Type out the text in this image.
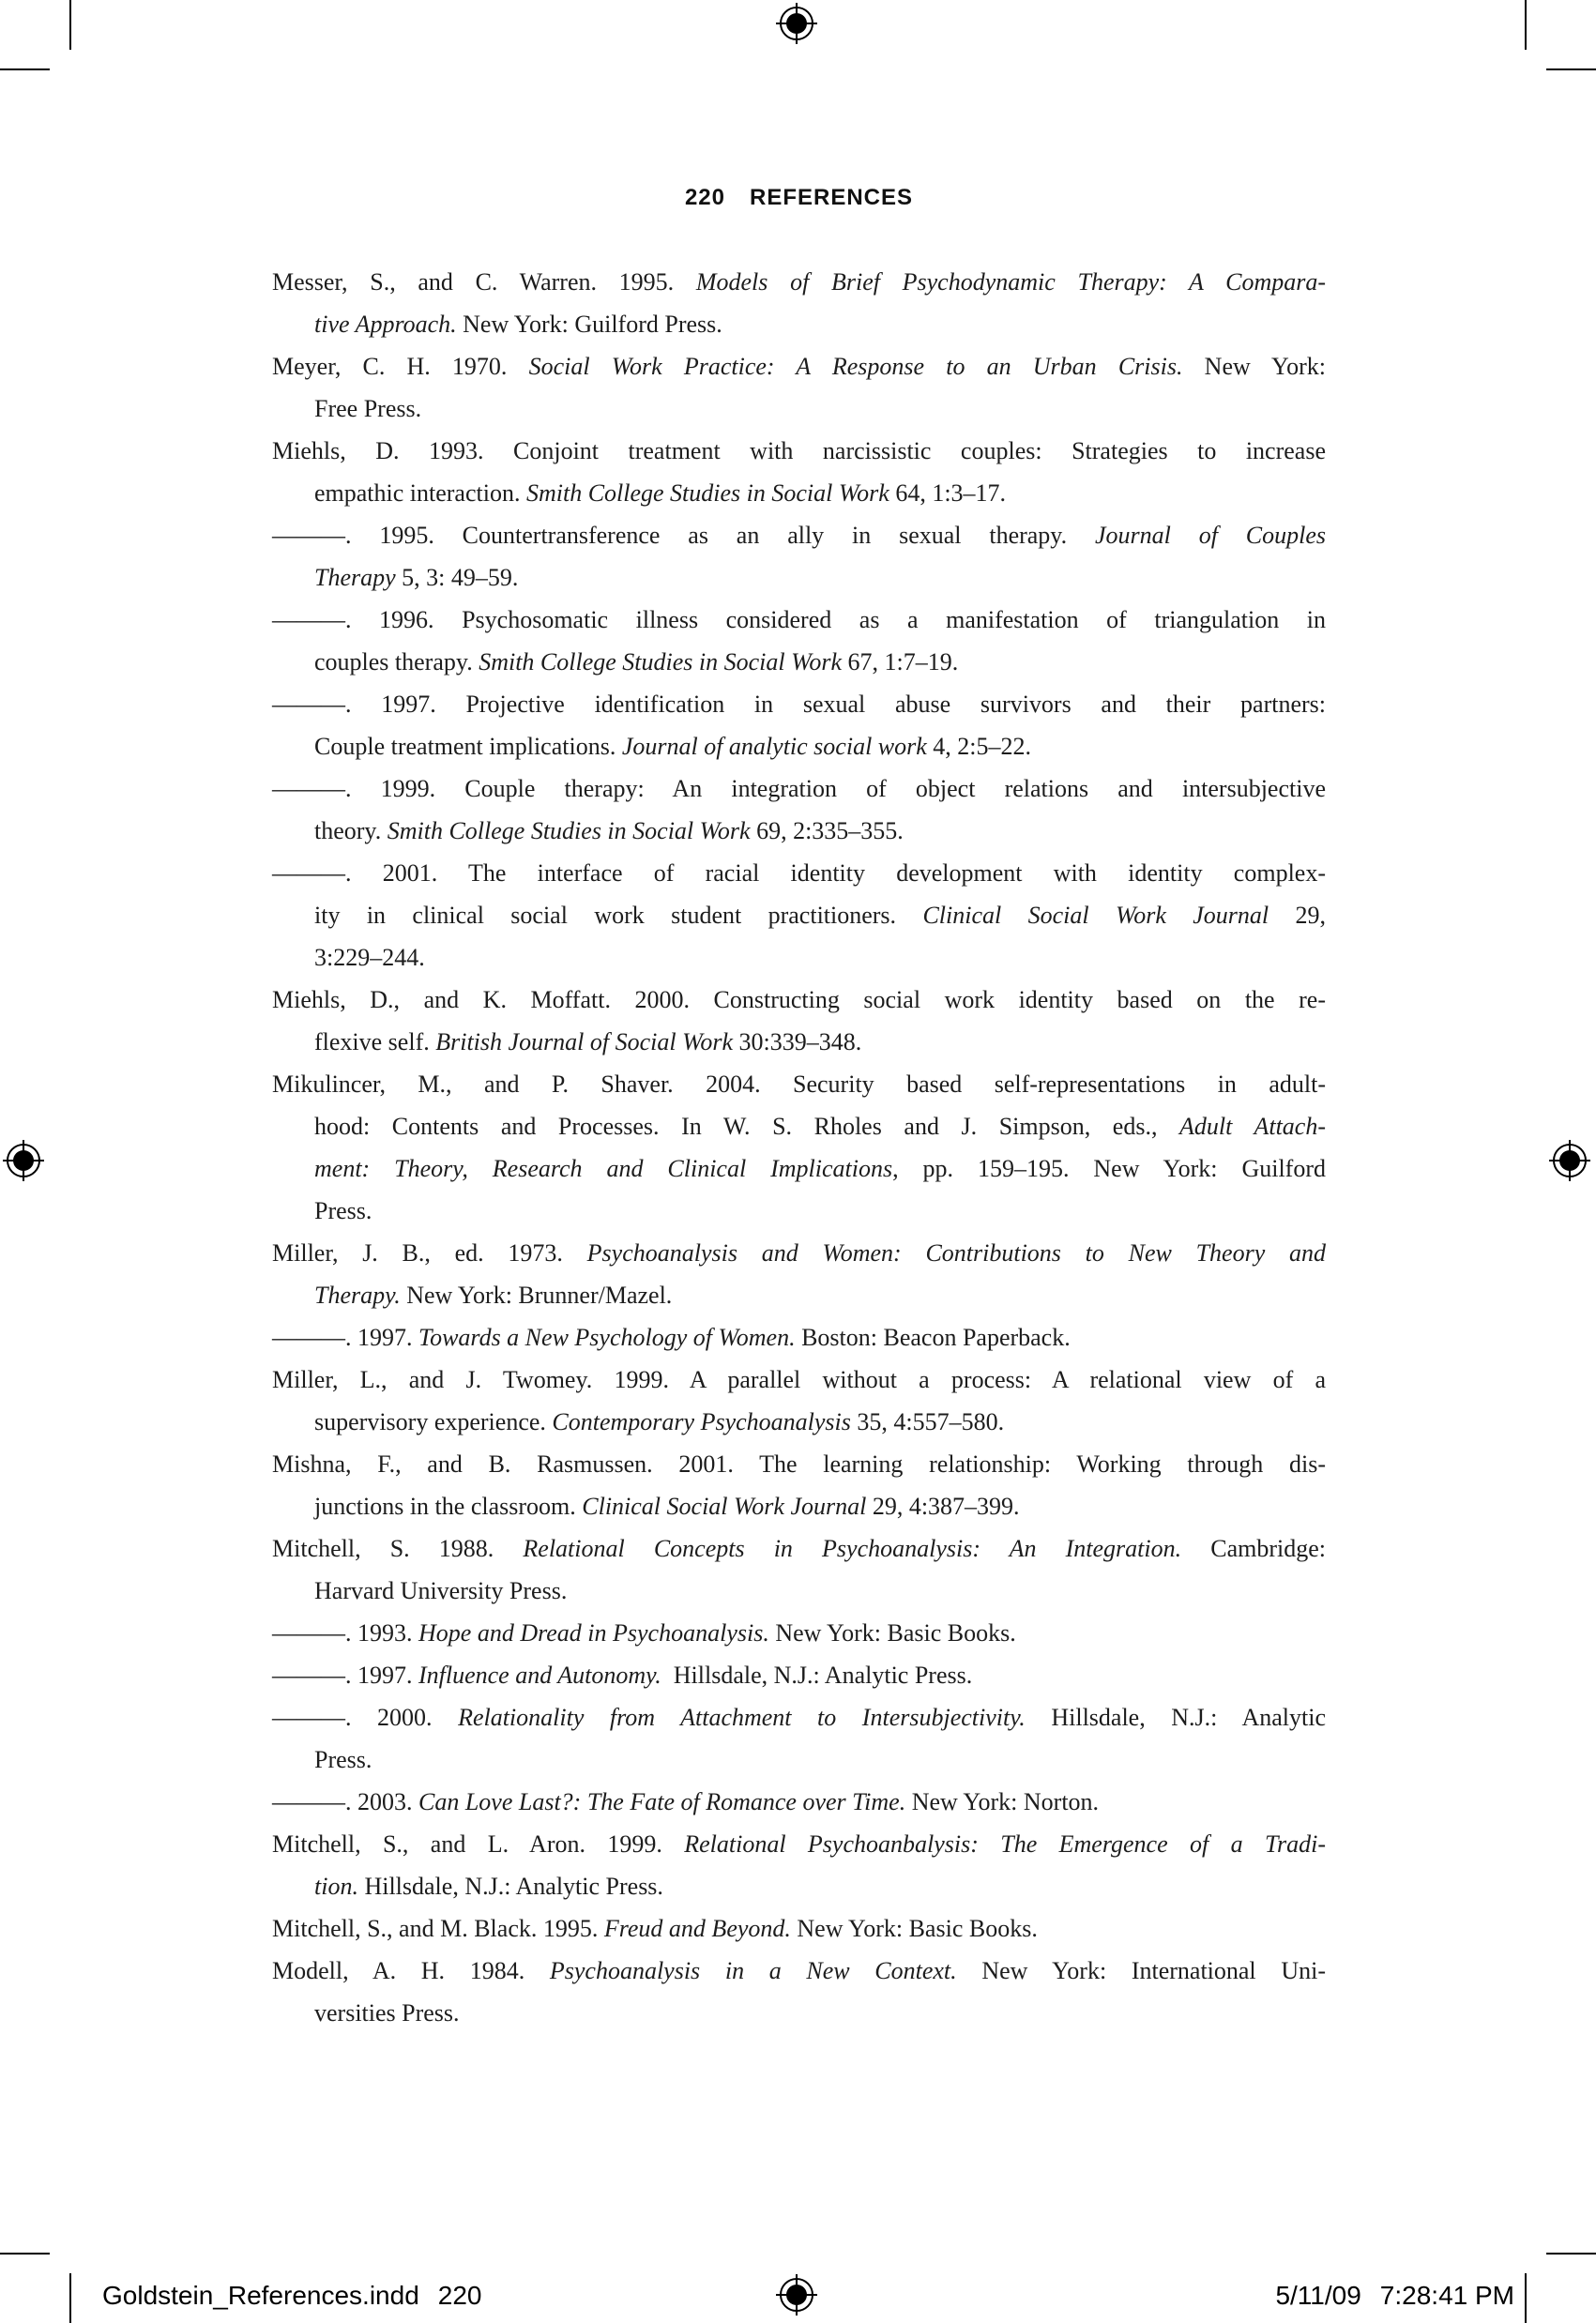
220 REFERENCES
Messer, S., and C. Warren. 1995. Models of Brief Psychodynamic Therapy: A Compara-
tive Approach. New York: Guilford Press.
Meyer, C. H. 1970. Social Work Practice: A Response to an Urban Crisis. New York:
Free Press.
Miehls, D. 1993. Conjoint treatment with narcissistic couples: Strategies to increase
empathic interaction. Smith College Studies in Social Work 64, 1:3–17.
———. 1995. Countertransference as an ally in sexual therapy. Journal of Couples
Therapy 5, 3: 49–59.
———. 1996. Psychosomatic illness considered as a manifestation of triangulation in
couples therapy. Smith College Studies in Social Work 67, 1:7–19.
———. 1997. Projective identification in sexual abuse survivors and their partners:
Couple treatment implications. Journal of analytic social work 4, 2:5–22.
———. 1999. Couple therapy: An integration of object relations and intersubjective
theory. Smith College Studies in Social Work 69, 2:335–355.
———. 2001. The interface of racial identity development with identity complex-
ity in clinical social work student practitioners. Clinical Social Work Journal 29,
3:229–244.
Miehls, D., and K. Moffatt. 2000. Constructing social work identity based on the re-
flexive self. British Journal of Social Work 30:339–348.
Mikulincer, M., and P. Shaver. 2004. Security based self-representations in adult-
hood: Contents and Processes. In W. S. Rholes and J. Simpson, eds., Adult Attach-
ment: Theory, Research and Clinical Implications, pp. 159–195. New York: Guilford
Press.
Miller, J. B., ed. 1973. Psychoanalysis and Women: Contributions to New Theory and
Therapy. New York: Brunner/Mazel.
———. 1997. Towards a New Psychology of Women. Boston: Beacon Paperback.
Miller, L., and J. Twomey. 1999. A parallel without a process: A relational view of a
supervisory experience. Contemporary Psychoanalysis 35, 4:557–580.
Mishna, F., and B. Rasmussen. 2001. The learning relationship: Working through dis-
junctions in the classroom. Clinical Social Work Journal 29, 4:387–399.
Mitchell, S. 1988. Relational Concepts in Psychoanalysis: An Integration. Cambridge:
Harvard University Press.
———. 1993. Hope and Dread in Psychoanalysis. New York: Basic Books.
———. 1997. Influence and Autonomy. Hillsdale, N.J.: Analytic Press.
———. 2000. Relationality from Attachment to Intersubjectivity. Hillsdale, N.J.: Analytic
Press.
———. 2003. Can Love Last?: The Fate of Romance over Time. New York: Norton.
Mitchell, S., and L. Aron. 1999. Relational Psychoanbalysis: The Emergence of a Tradi-
tion. Hillsdale, N.J.: Analytic Press.
Mitchell, S., and M. Black. 1995. Freud and Beyond. New York: Basic Books.
Modell, A. H. 1984. Psychoanalysis in a New Context. New York: International Uni-
versities Press.
Goldstein_References.indd 220	5/11/09 7:28:41 PM
